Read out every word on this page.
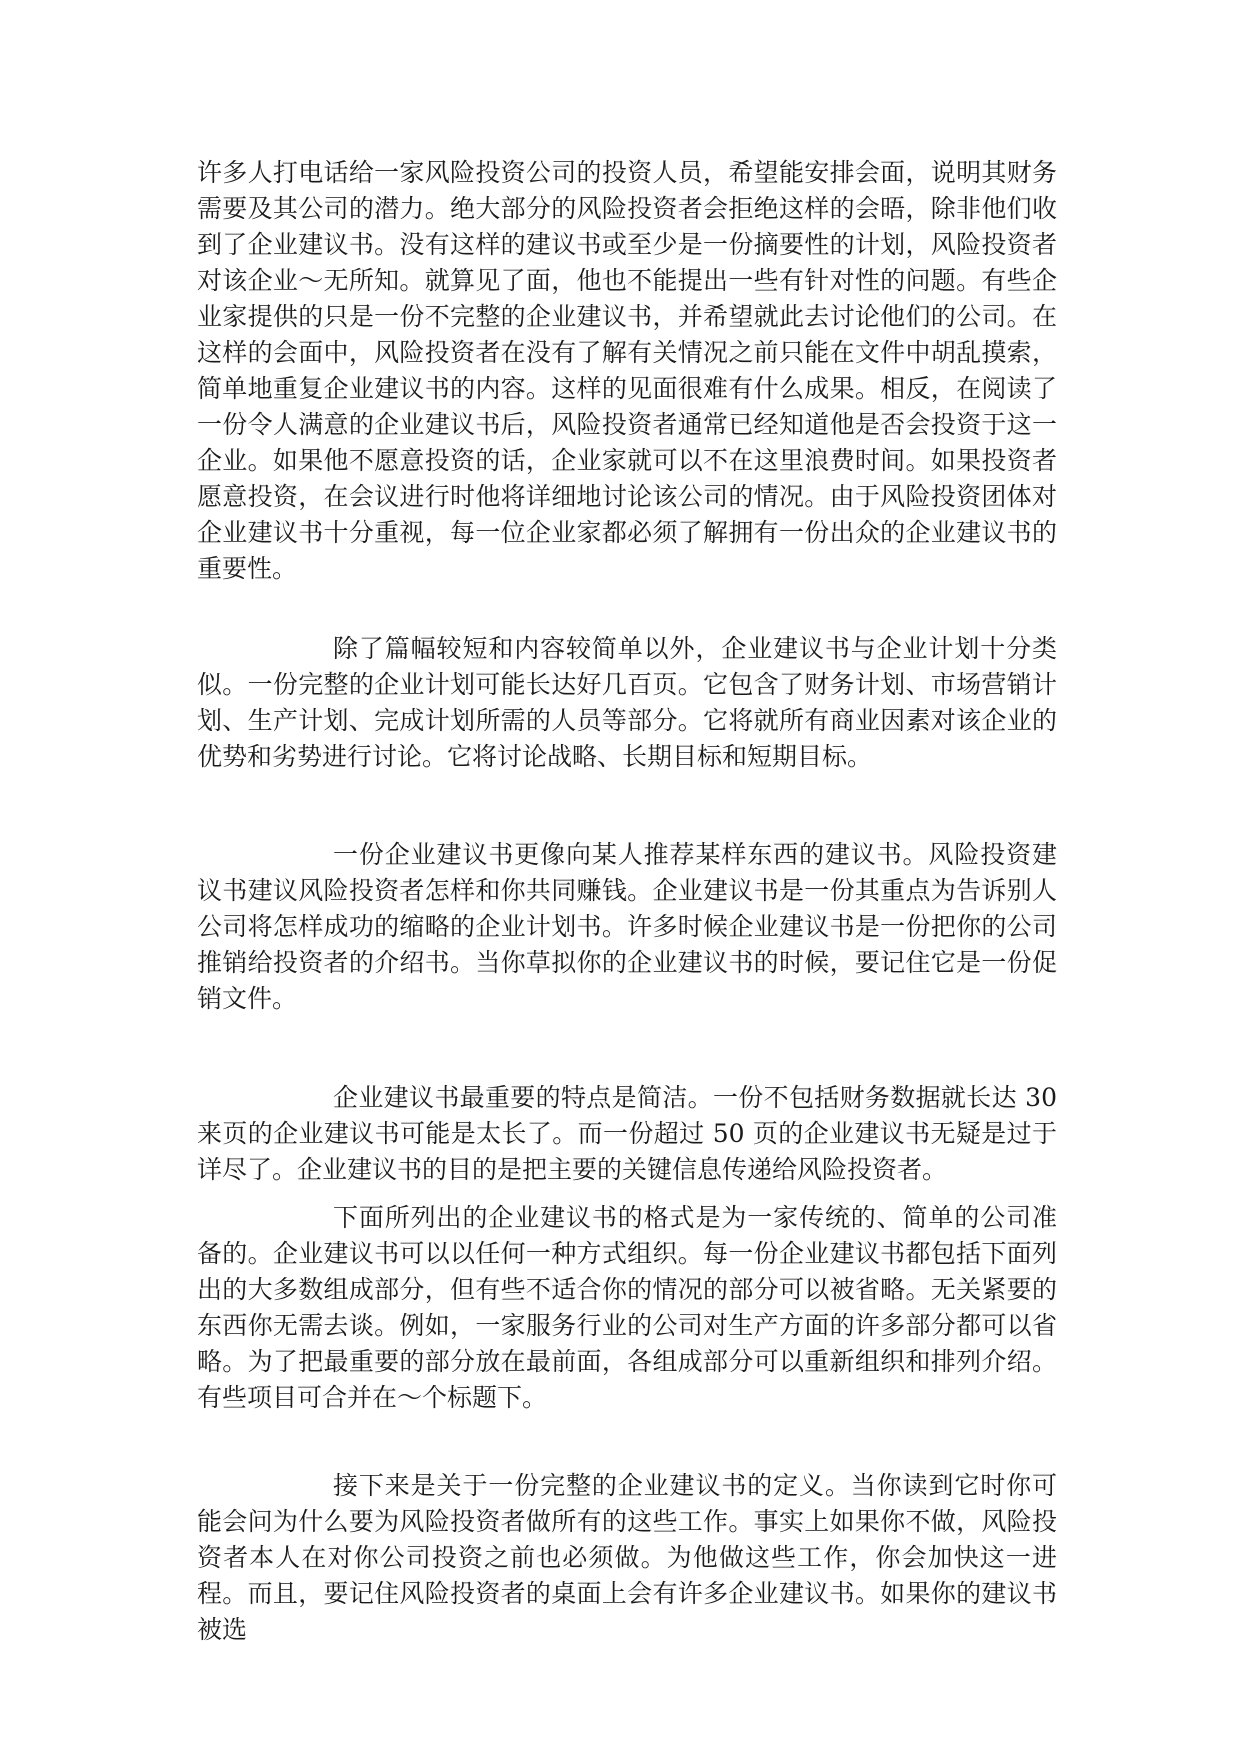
许多人打电话给一家风险投资公司的投资人员，希望能安排会面，说明其财务需要及其公司的潜力。绝大部分的风险投资者会拒绝这样的会晤，除非他们收到了企业建议书。没有这样的建议书或至少是一份摘要性的计划，风险投资者对该企业～无所知。就算见了面，他也不能提出一些有针对性的问题。有些企业家提供的只是一份不完整的企业建议书，并希望就此去讨论他们的公司。在这样的会面中，风险投资者在没有了解有关情况之前只能在文件中胡乱摸索，简单地重复企业建议书的内容。这样的见面很难有什么成果。相反，在阅读了一份令人满意的企业建议书后，风险投资者通常已经知道他是否会投资于这一企业。如果他不愿意投资的话，企业家就可以不在这里浪费时间。如果投资者愿意投资，在会议进行时他将详细地讨论该公司的情况。由于风险投资团体对企业建议书十分重视，每一位企业家都必须了解拥有一份出众的企业建议书的重要性。

除了篇幅较短和内容较简单以外，企业建议书与企业计划十分类似。一份完整的企业计划可能长达好几百页。它包含了财务计划、市场营销计划、生产计划、完成计划所需的人员等部分。它将就所有商业因素对该企业的优势和劣势进行讨论。它将讨论战略、长期目标和短期目标。

一份企业建议书更像向某人推荐某样东西的建议书。风险投资建议书建议风险投资者怎样和你共同赚钱。企业建议书是一份其重点为告诉别人公司将怎样成功的缩略的企业计划书。许多时候企业建议书是一份把你的公司推销给投资者的介绍书。当你草拟你的企业建议书的时候，要记住它是一份促销文件。

企业建议书最重要的特点是简洁。一份不包括财务数据就长达 30 来页的企业建议书可能是太长了。而一份超过 50 页的企业建议书无疑是过于详尽了。企业建议书的目的是把主要的关键信息传递给风险投资者。

下面所列出的企业建议书的格式是为一家传统的、简单的公司准备的。企业建议书可以以任何一种方式组织。每一份企业建议书都包括下面列出的大多数组成部分，但有些不适合你的情况的部分可以被省略。无关紧要的东西你无需去谈。例如，一家服务行业的公司对生产方面的许多部分都可以省略。为了把最重要的部分放在最前面，各组成部分可以重新组织和排列介绍。有些项目可合并在～个标题下。

接下来是关于一份完整的企业建议书的定义。当你读到它时你可能会问为什么要为风险投资者做所有的这些工作。事实上如果你不做，风险投资者本人在对你公司投资之前也必须做。为他做这些工作，你会加快这一进程。而且，要记住风险投资者的桌面上会有许多企业建议书。如果你的建议书被选
